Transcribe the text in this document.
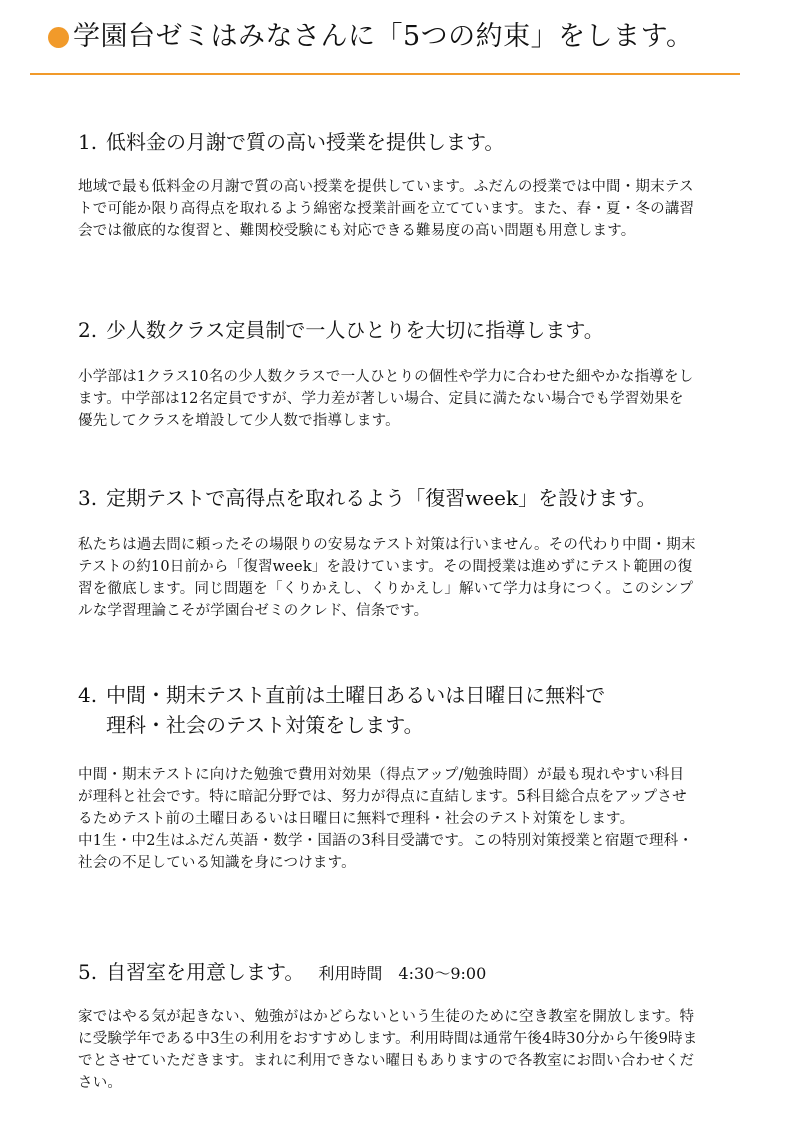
学園台ゼミはみなさんに「5つの約束」をします。
1. 低料金の月謝で質の高い授業を提供します。

地域で最も低料金の月謝で質の高い授業を提供しています。ふだんの授業では中間・期末テストで可能か限り高得点を取れるよう綿密な授業計画を立てています。また、春・夏・冬の講習会では徹底的な復習と、難関校受験にも対応できる難易度の高い問題も用意します。

2. 少人数クラス定員制で一人ひとりを大切に指導します。

小学部は1クラス10名の少人数クラスで一人ひとりの個性や学力に合わせた細やかな指導をします。中学部は12名定員ですが、学力差が著しい場合、定員に満たない場合でも学習効果を優先してクラスを増設して少人数で指導します。

3. 定期テストで高得点を取れるよう「復習week」を設けます。

私たちは過去問に頼ったその場限りの安易なテスト対策は行いません。その代わり中間・期末テストの約10日前から「復習week」を設けています。その間授業は進めずにテスト範囲の復習を徹底します。同じ問題を「くりかえし、くりかえし」解いて学力は身につく。このシンプルな学習理論こそが学園台ゼミのクレド、信条です。

4. 中間・期末テスト直前は土曜日あるいは日曜日に無料で
理科・社会のテスト対策をします。

中間・期末テストに向けた勉強で費用対効果（得点アップ/勉強時間）が最も現れやすい科目が理科と社会です。特に暗記分野では、努力が得点に直結します。5科目総合点をアップさせるためテスト前の土曜日あるいは日曜日に無料で理科・社会のテスト対策をします。

中1生・中2生はふだん英語・数学・国語の3科目受講です。この特別対策授業と宿題で理科・社会の不足している知識を身につけます。

5. 自習室を用意します。 利用時間　4:30〜9:00

家ではやる気が起きない、勉強がはかどらないという生徒のために空き教室を開放します。特に受験学年である中3生の利用をおすすめします。利用時間は通常午後4時30分から午後9時までとさせていただきます。まれに利用できない曜日もありますので各教室にお問い合わせください。
